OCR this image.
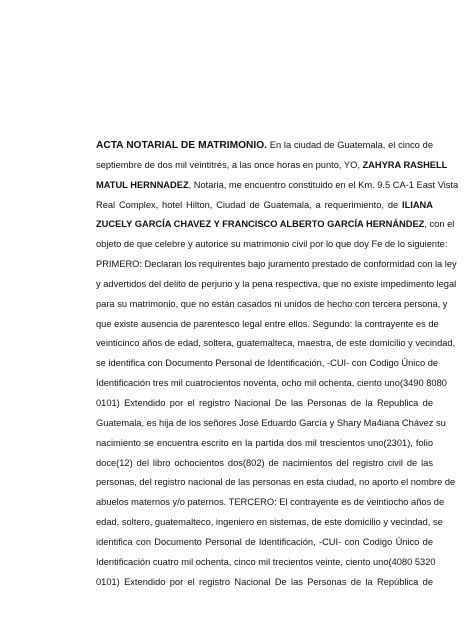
ACTA NOTARIAL DE MATRIMONIO. En la ciudad de Guatemala, el cinco de
septiembre de dos mil veintitrés, a las once horas en punto, YO, ZAHYRA RASHELL
MATUL HERNNADEZ, Notaria, me encuentro constituido en el Km. 9.5 CA-1 East Vista
Real Complex, hotel Hilton, Ciudad de Guatemala, a requerimiento, de ILIANA
ZUCELY GARCÍA CHAVEZ Y FRANCISCO ALBERTO GARCÍA HERNÁNDEZ, con el
objeto de que celebre y autorice su matrimonio civil por lo que doy Fe de lo siguiente:
PRIMERO: Declaran los requirentes bajo juramento prestado de conformidad con la ley
y advertidos del delito de perjurio y la pena respectiva, que no existe impedimento legal
para su matrimonio, que no están casados ni unidos de hecho con tercera persona, y
que existe ausencia de parentesco legal entre ellos. Segundo: la contrayente es de
veinticinco años de edad, soltera, guatemalteca, maestra, de este domicilio y vecindad,
se identifica con Documento Personal de Identificación, -CUI- con Codigo Único de
Identificación tres mil cuatrocientos noventa, ocho mil ochenta, ciento uno(3490 8080
0101) Extendido por el registro Nacional De las Personas de la Republica de
Guatemala, es hija de los señores José Eduardo García y Shary Ma4iana Chávez su
nacimiento se encuentra escrito en la partida dos mil trescientos uno(2301), folio
doce(12) del libro ochocientos dos(802) de nacimientos del registro civil de las
personas, del registro nacional de las personas en esta ciudad, no aporto el nombre de
abuelos maternos y/o paternos. TERCERO: El contrayente es de veintiocho años de
edad, soltero, guatemalteco, ingeniero en sistemas, de este domicilio y vecindad, se
identifica con Documento Personal de Identificación, -CUI- con Codigo Único de
Identificación cuatro mil ochenta, cinco mil trecientos veinte, ciento uno(4080 5320
0101) Extendido por el registro Nacional De las Personas de la República de
